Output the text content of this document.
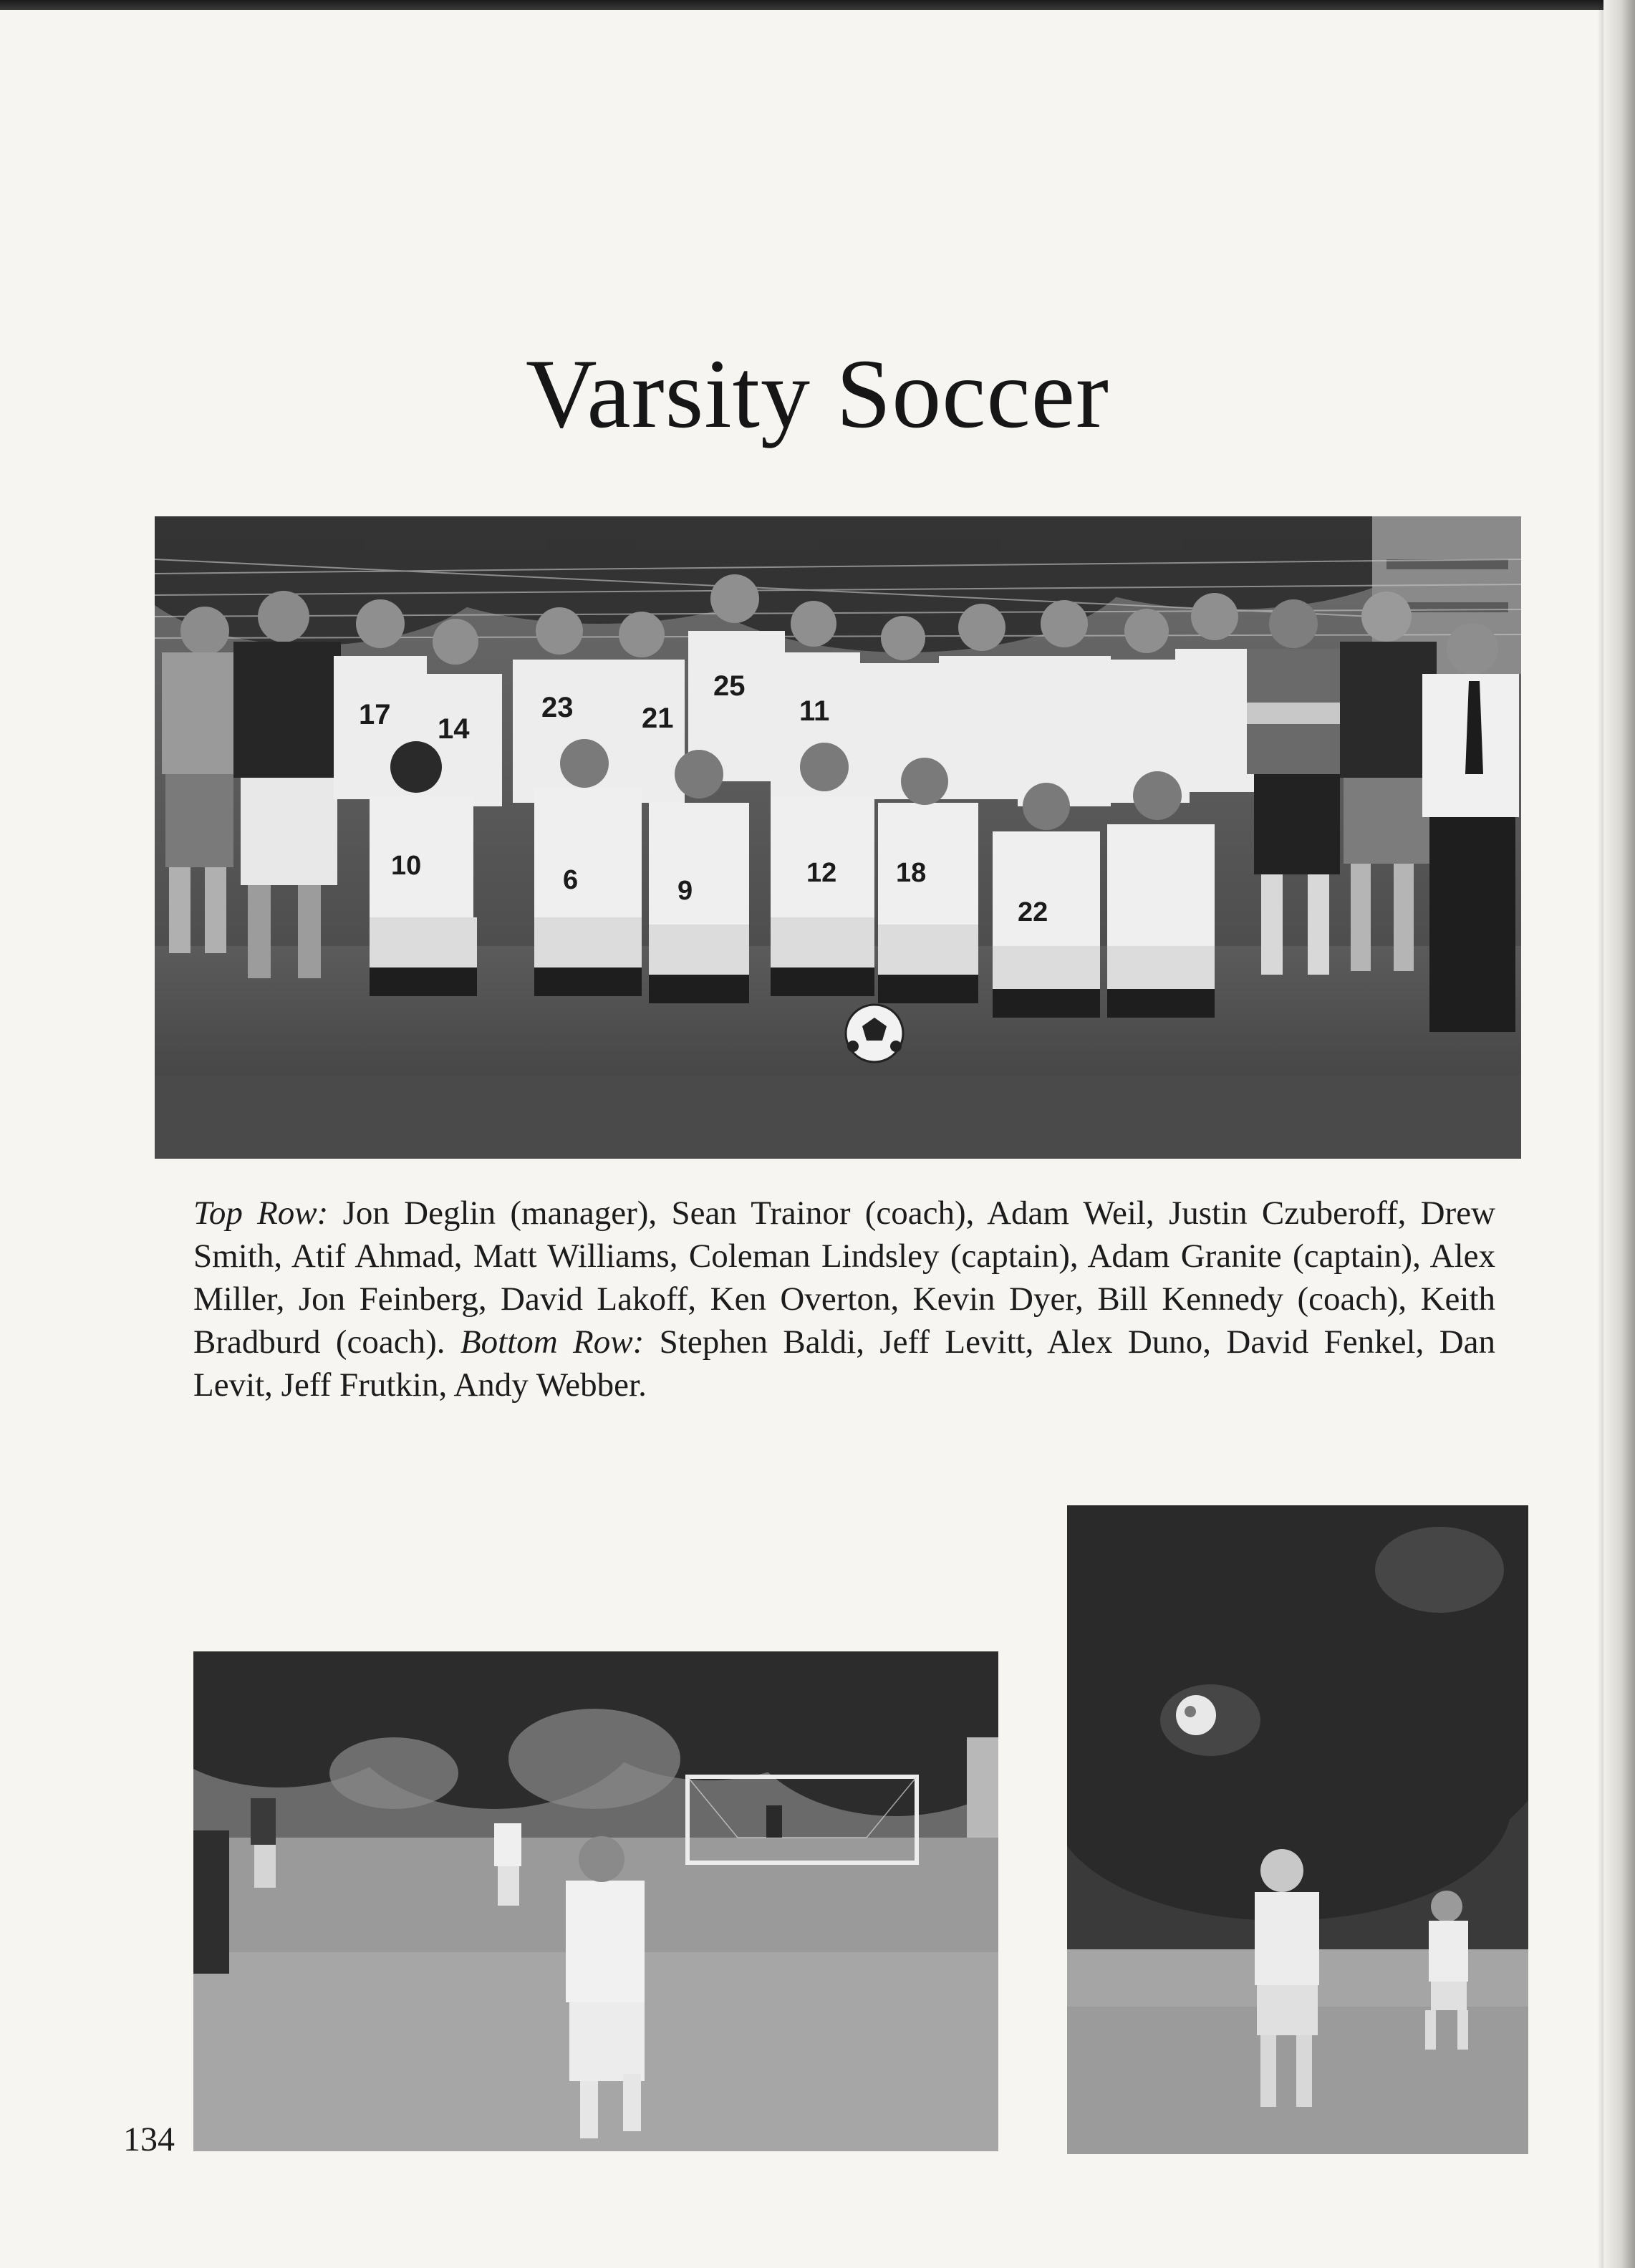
Varsity Soccer
17 14
23 21
25
11
10	6	9
12 18
22
Top Row: Jon Deglin (manager), Sean Trainor (coach), Adam Weil, Justin Czuberoff, Drew Smith, Atif Ahmad, Matt Williams, Coleman Lindsley (captain), Adam Granite (captain), Alex Miller, Jon Feinberg, David Lakoff, Ken Overton, Kevin Dyer, Bill Kennedy (coach), Keith Bradburd (coach). Bottom Row: Stephen Baldi, Jeff Levitt, Alex Duno, David Fenkel, Dan Levit, Jeff Frutkin, Andy Webber.
134
